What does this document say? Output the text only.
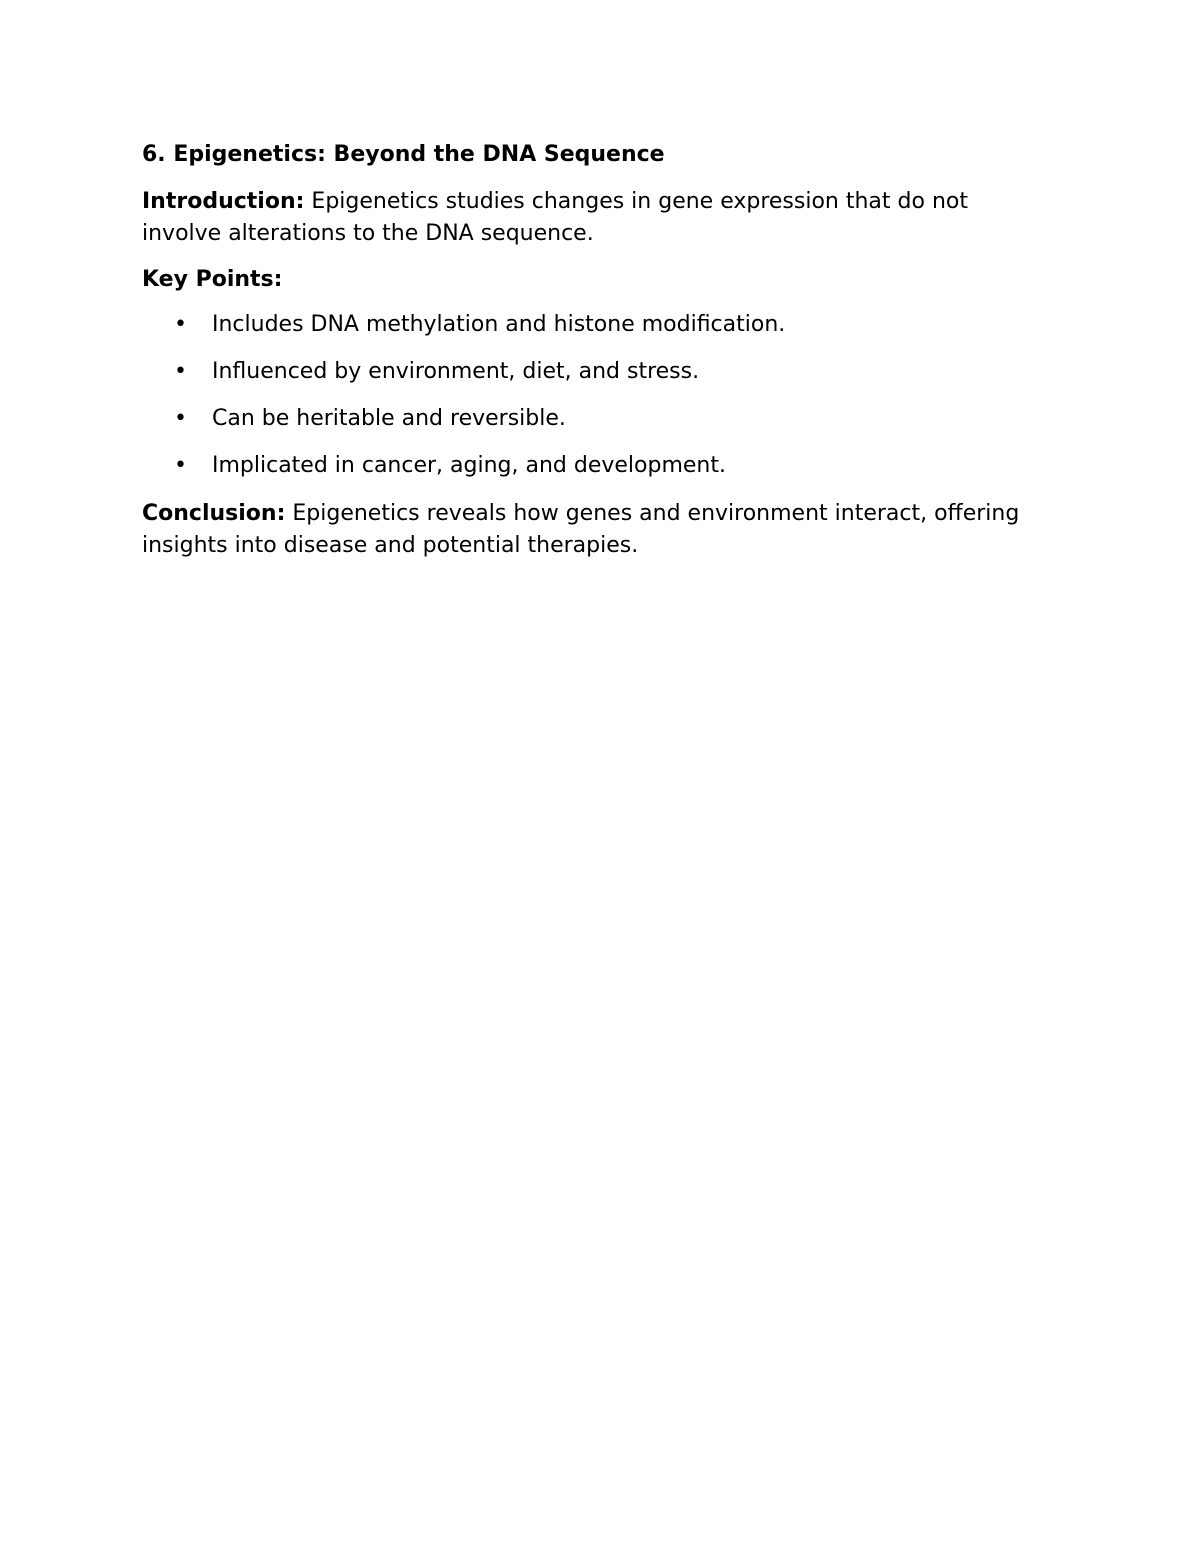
6. Epigenetics: Beyond the DNA Sequence

Introduction: Epigenetics studies changes in gene expression that do not involve alterations to the DNA sequence.

Key Points:
• Includes DNA methylation and histone modification.
• Influenced by environment, diet, and stress.
• Can be heritable and reversible.
• Implicated in cancer, aging, and development.

Conclusion: Epigenetics reveals how genes and environment interact, offering insights into disease and potential therapies.
